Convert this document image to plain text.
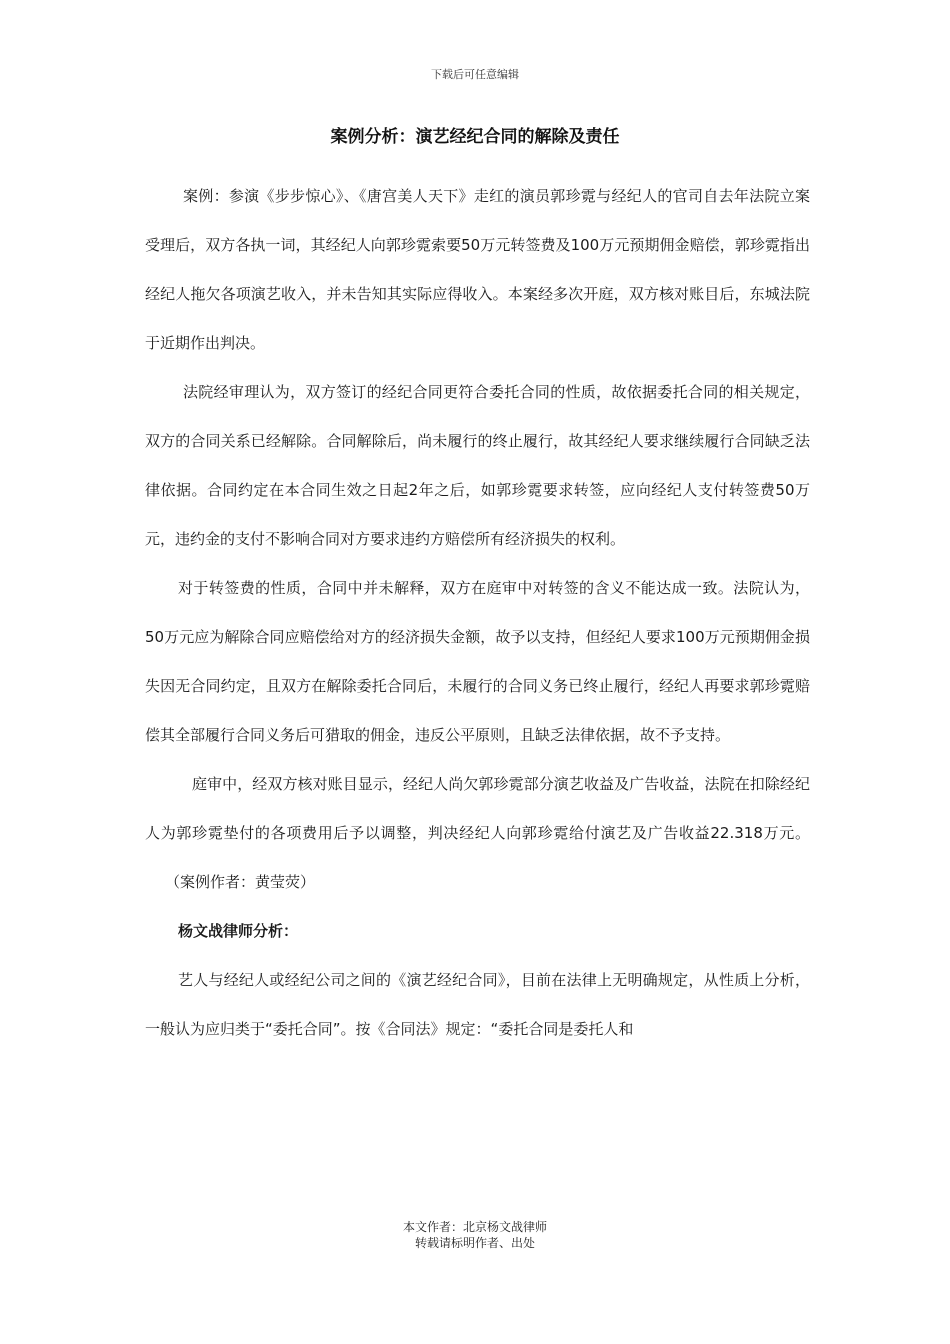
下载后可任意编辑
案例分析：演艺经纪合同的解除及责任

案例：参演《步步惊心》、《唐宫美人天下》走红的演员郭珍霓与经纪人的官司自去年法院立案受理后，双方各执一词，其经纪人向郭珍霓索要50万元转签费及100万元预期佣金赔偿，郭珍霓指出经纪人拖欠各项演艺收入，并未告知其实际应得收入。本案经多次开庭，双方核对账目后，东城法院于近期作出判决。

法院经审理认为，双方签订的经纪合同更符合委托合同的性质，故依据委托合同的相关规定，双方的合同关系已经解除。合同解除后，尚未履行的终止履行，故其经纪人要求继续履行合同缺乏法律依据。合同约定在本合同生效之日起2年之后，如郭珍霓要求转签，应向经纪人支付转签费50万元，违约金的支付不影响合同对方要求违约方赔偿所有经济损失的权利。

对于转签费的性质，合同中并未解释，双方在庭审中对转签的含义不能达成一致。法院认为，50万元应为解除合同应赔偿给对方的经济损失金额，故予以支持，但经纪人要求100万元预期佣金损失因无合同约定，且双方在解除委托合同后，未履行的合同义务已终止履行，经纪人再要求郭珍霓赔偿其全部履行合同义务后可猎取的佣金，违反公平原则，且缺乏法律依据，故不予支持。

庭审中，经双方核对账目显示，经纪人尚欠郭珍霓部分演艺收益及广告收益，法院在扣除经纪人为郭珍霓垫付的各项费用后予以调整，判决经纪人向郭珍霓给付演艺及广告收益22.318万元。（案例作者：黄莹荧）

杨文战律师分析：

艺人与经纪人或经纪公司之间的《演艺经纪合同》，目前在法律上无明确规定，从性质上分析，一般认为应归类于“委托合同”。按《合同法》规定：“委托合同是委托人和

本文作者：北京杨文战律师
转载请标明作者、出处
